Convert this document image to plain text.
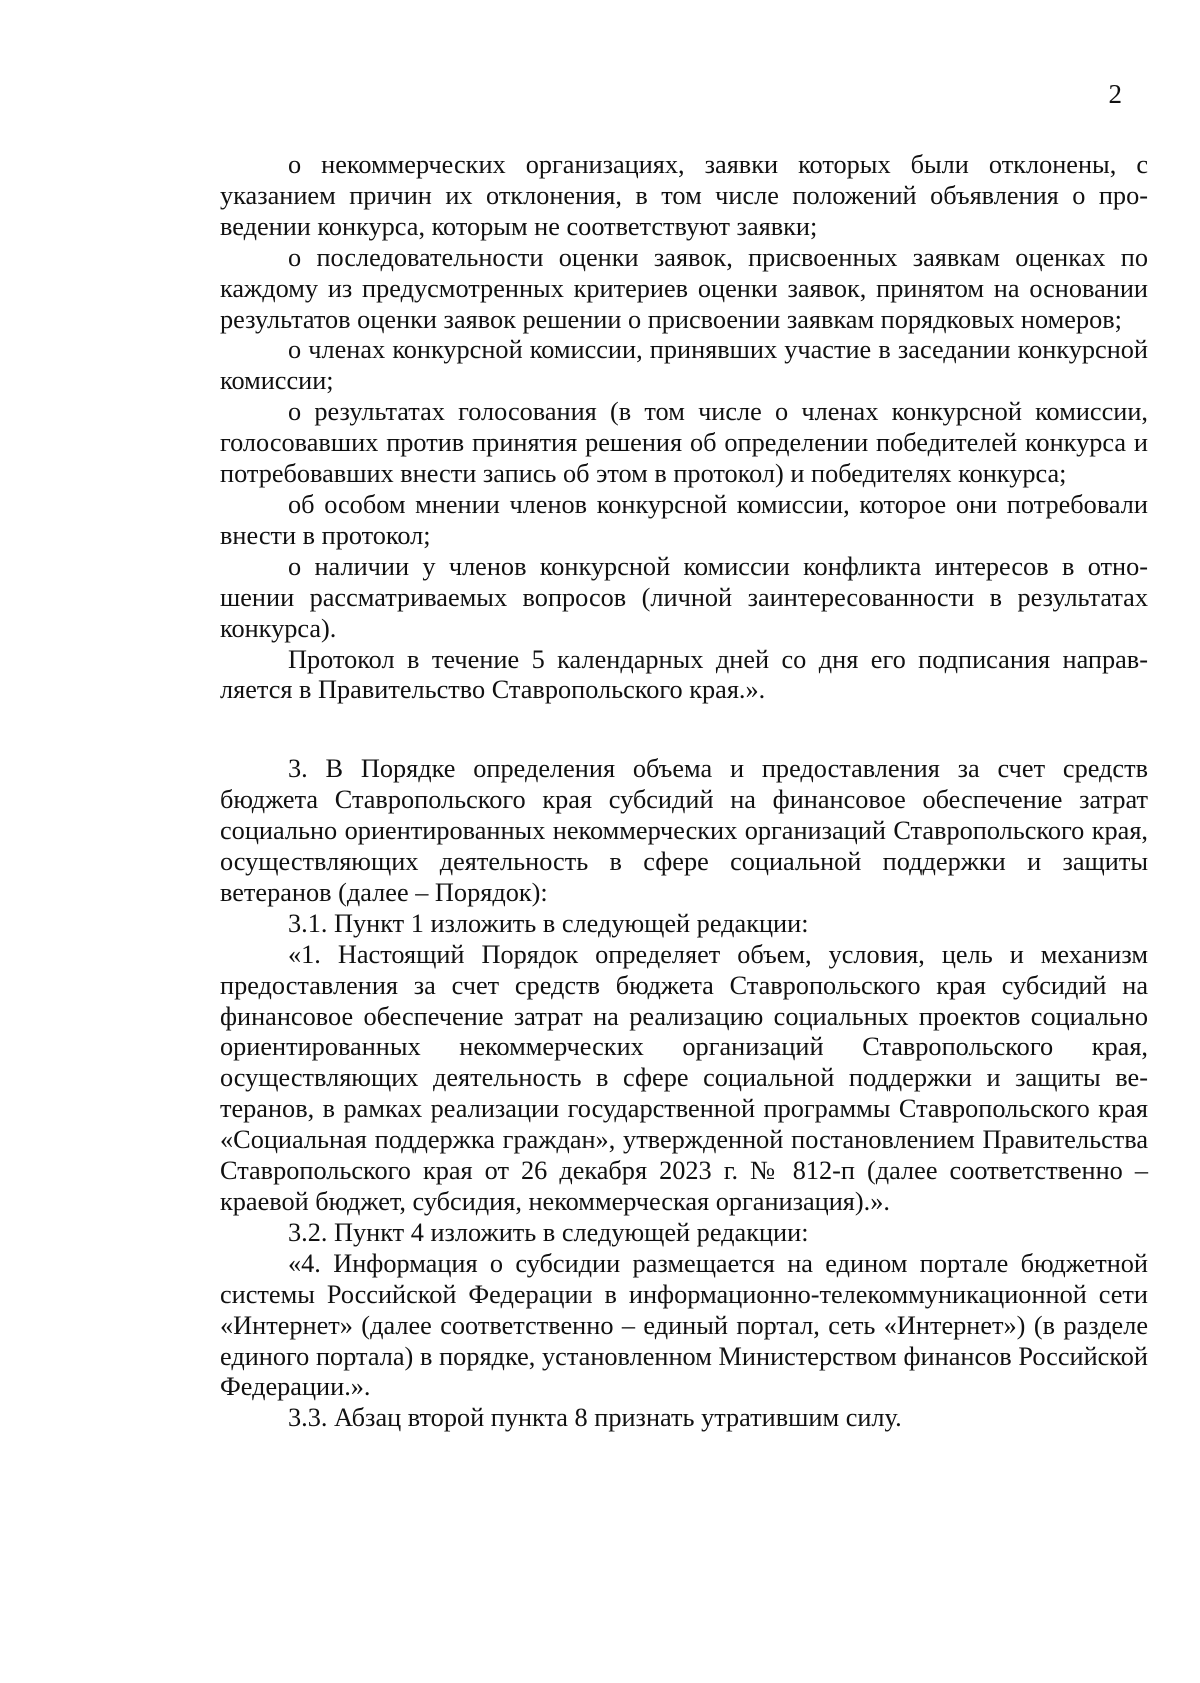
2

о некоммерческих организациях, заявки которых были отклонены, с указанием причин их отклонения, в том числе положений объявления о проведении конкурса, которым не соответствуют заявки;

о последовательности оценки заявок, присвоенных заявкам оценках по каждому из предусмотренных критериев оценки заявок, принятом на основании результатов оценки заявок решении о присвоении заявкам порядковых номеров;

о членах конкурсной комиссии, принявших участие в заседании конкурсной комиссии;

о результатах голосования (в том числе о членах конкурсной комиссии, голосовавших против принятия решения об определении победителей конкурса и потребовавших внести запись об этом в протокол) и победителях конкурса;

об особом мнении членов конкурсной комиссии, которое они потребовали внести в протокол;

о наличии у членов конкурсной комиссии конфликта интересов в отношении рассматриваемых вопросов (личной заинтересованности в результатах конкурса).

Протокол в течение 5 календарных дней со дня его подписания направляется в Правительство Ставропольского края.».

3. В Порядке определения объема и предоставления за счет средств бюджета Ставропольского края субсидий на финансовое обеспечение затрат социально ориентированных некоммерческих организаций Ставропольского края, осуществляющих деятельность в сфере социальной поддержки и защиты ветеранов (далее – Порядок):

3.1. Пункт 1 изложить в следующей редакции:

«1. Настоящий Порядок определяет объем, условия, цель и механизм предоставления за счет средств бюджета Ставропольского края субсидий на финансовое обеспечение затрат на реализацию социальных проектов социально ориентированных некоммерческих организаций Ставропольского края, осуществляющих деятельность в сфере социальной поддержки и защиты ветеранов, в рамках реализации государственной программы Ставропольского края «Социальная поддержка граждан», утвержденной постановлением Правительства Ставропольского края от 26 декабря 2023 г. № 812-п (далее соответственно – краевой бюджет, субсидия, некоммерческая организация).».

3.2. Пункт 4 изложить в следующей редакции:

«4. Информация о субсидии размещается на едином портале бюджетной системы Российской Федерации в информационно-телекоммуникационной сети «Интернет» (далее соответственно – единый портал, сеть «Интернет») (в разделе единого портала) в порядке, установленном Министерством финансов Российской Федерации.».

3.3. Абзац второй пункта 8 признать утратившим силу.
